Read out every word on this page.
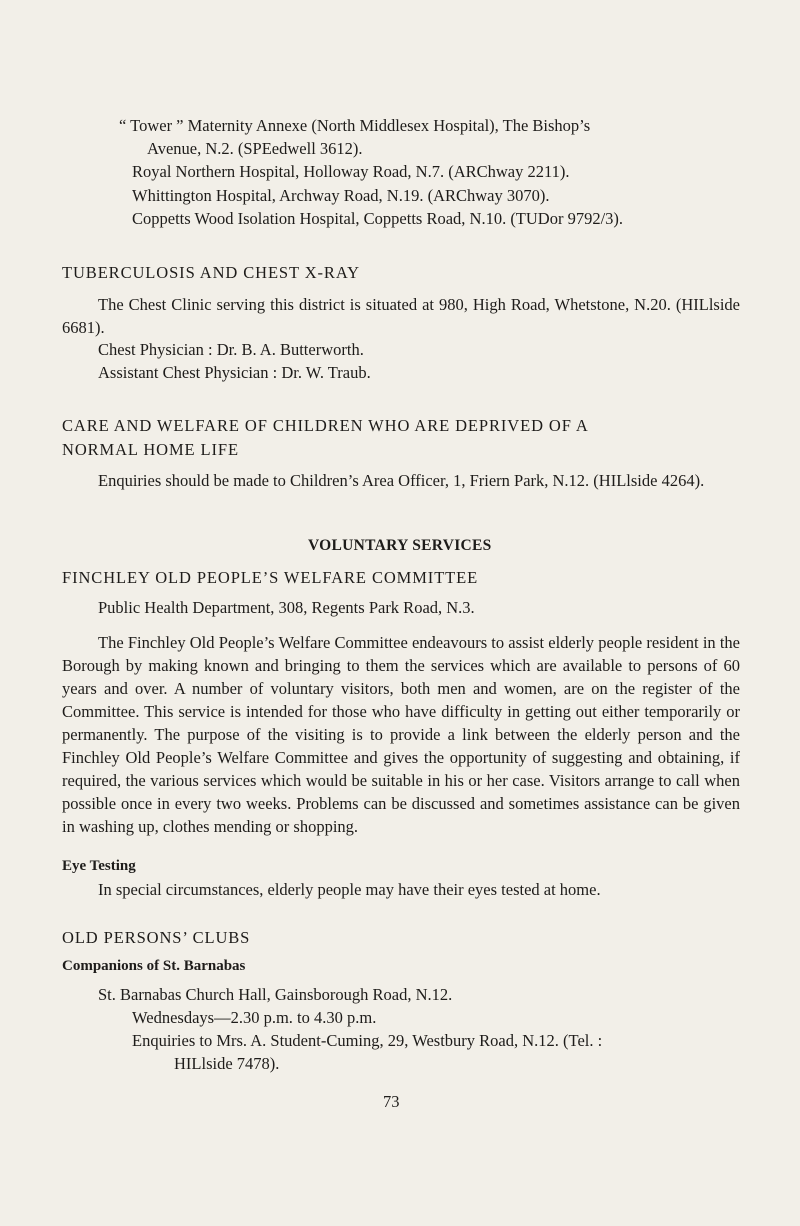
“ Tower ” Maternity Annexe (North Middlesex Hospital), The Bishop’s

Avenue, N.2. (SPEedwell 3612).

Royal Northern Hospital, Holloway Road, N.7. (ARChway 2211).

Whittington Hospital, Archway Road, N.19. (ARChway 3070).

Coppetts Wood Isolation Hospital, Coppetts Road, N.10. (TUDor 9792/3).

TUBERCULOSIS AND CHEST X-RAY

The Chest Clinic serving this district is situated at 980, High Road, Whetstone, N.20. (HILlside 6681).

Chest Physician : Dr. B. A. Butterworth.

Assistant Chest Physician : Dr. W. Traub.

CARE AND WELFARE OF CHILDREN WHO ARE DEPRIVED OF A

NORMAL HOME LIFE

Enquiries should be made to Children’s Area Officer, 1, Friern Park, N.12. (HILlside 4264).

VOLUNTARY SERVICES

FINCHLEY OLD PEOPLE’S WELFARE COMMITTEE

Public Health Department, 308, Regents Park Road, N.3.

The Finchley Old People’s Welfare Committee endeavours to assist elderly people resident in the Borough by making known and bringing to them the services which are available to persons of 60 years and over. A number of voluntary visitors, both men and women, are on the register of the Committee. This service is intended for those who have difficulty in getting out either temporarily or permanently. The purpose of the visiting is to provide a link between the elderly person and the Finchley Old People’s Welfare Committee and gives the opportunity of suggesting and obtaining, if required, the various services which would be suitable in his or her case. Visitors arrange to call when possible once in every two weeks. Problems can be discussed and sometimes assistance can be given in washing up, clothes mending or shopping.

Eye Testing

In special circumstances, elderly people may have their eyes tested at home.

OLD PERSONS’ CLUBS

Companions of St. Barnabas

St. Barnabas Church Hall, Gainsborough Road, N.12.

Wednesdays—2.30 p.m. to 4.30 p.m.

Enquiries to Mrs. A. Student-Cuming, 29, Westbury Road, N.12. (Tel. :

HILlside 7478).

73
